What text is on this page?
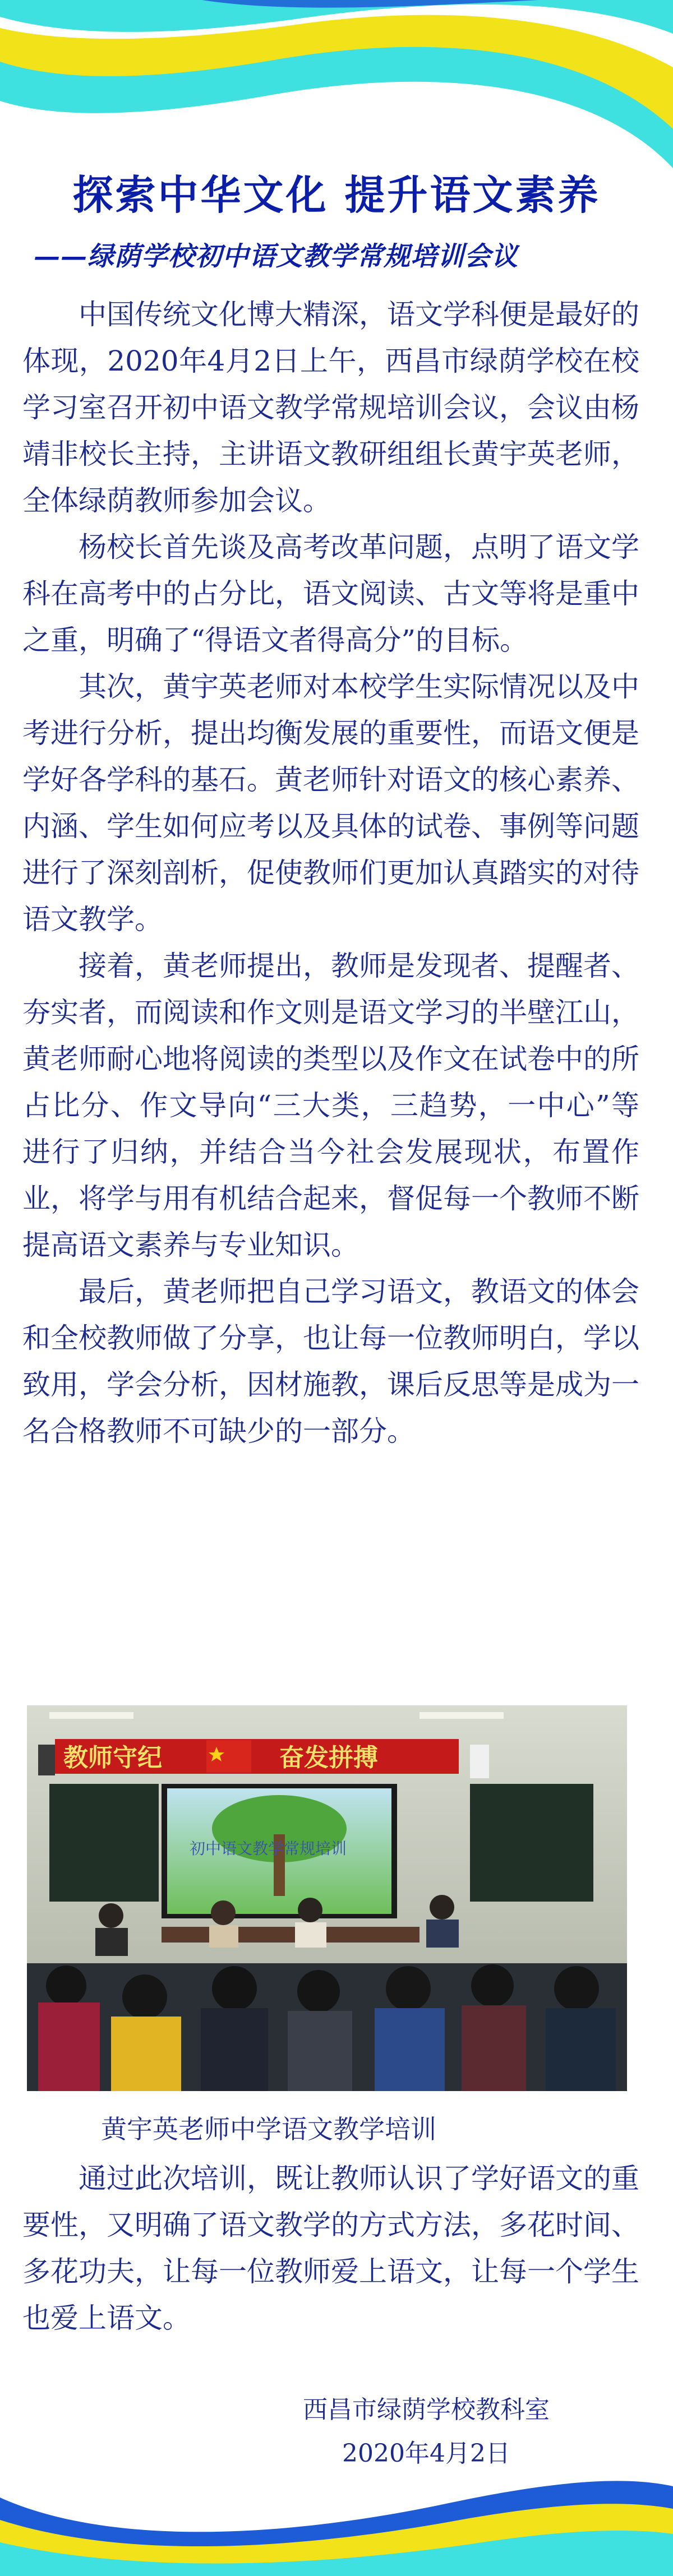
探索中华文化 提升语文素养
——绿荫学校初中语文教学常规培训会议

中国传统文化博大精深，语文学科便是最好的体现，2020年4月2日上午，西昌市绿荫学校在校学习室召开初中语文教学常规培训会议，会议由杨靖非校长主持，主讲语文教研组组长黄宇英老师，全体绿荫教师参加会议。

杨校长首先谈及高考改革问题，点明了语文学科在高考中的占分比，语文阅读、古文等将是重中之重，明确了“得语文者得高分”的目标。

其次，黄宇英老师对本校学生实际情况以及中考进行分析，提出均衡发展的重要性，而语文便是学好各学科的基石。黄老师针对语文的核心素养、内涵、学生如何应考以及具体的试卷、事例等问题进行了深刻剖析，促使教师们更加认真踏实的对待语文教学。

接着，黄老师提出，教师是发现者、提醒者、夯实者，而阅读和作文则是语文学习的半壁江山，黄老师耐心地将阅读的类型以及作文在试卷中的所占比分、作文导向“三大类，三趋势，一中心”等进行了归纳，并结合当今社会发展现状，布置作业，将学与用有机结合起来，督促每一个教师不断提高语文素养与专业知识。

最后，黄老师把自己学习语文，教语文的体会和全校教师做了分享，也让每一位教师明白，学以致用，学会分析，因材施教，课后反思等是成为一名合格教师不可缺少的一部分。

教师守纪	奋发拼搏
初中语文教学常规培训

黄宇英老师中学语文教学培训

通过此次培训，既让教师认识了学好语文的重要性，又明确了语文教学的方式方法，多花时间、多花功夫，让每一位教师爱上语文，让每一个学生也爱上语文。

西昌市绿荫学校教科室
2020年4月2日
